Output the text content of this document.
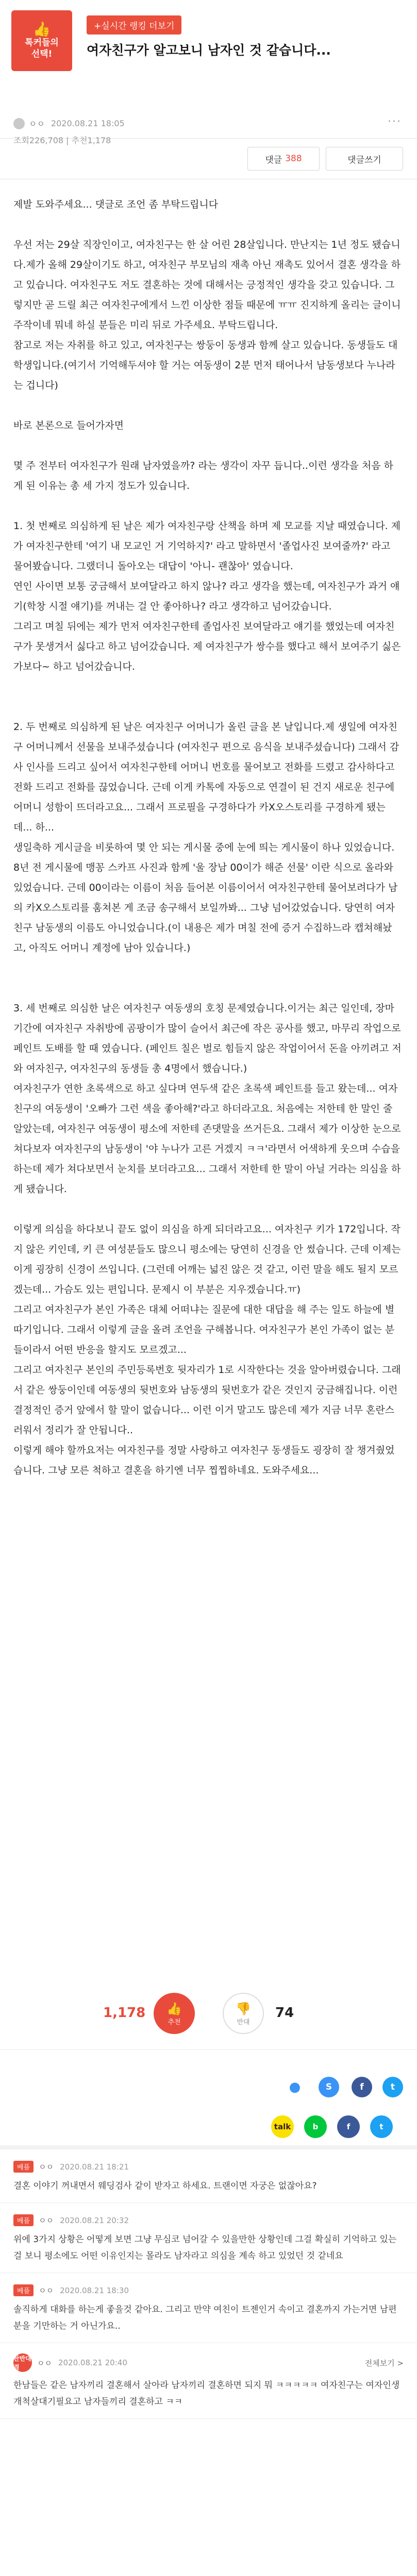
👍
톡커들의
선택!
+실시간 랭킹 더보기
여자친구가 알고보니 남자인 것 같습니다...
ㅇㅇ 2020.08.21 18:05
조회226,708 | 추천1,178
···
댓글 388	댓글쓰기

제발 도와주세요... 댓글로 조언 좀 부탁드립니다

우선 저는 29살 직장인이고, 여자친구는 한 살 어린 28살입니다. 만난지는 1년 정도 됐습니다.제가 올해 29살이기도 하고, 여자친구 부모님의 재촉 아닌 재촉도 있어서 결혼 생각을 하고 있습니다. 여자친구도 저도 결혼하는 것에 대해서는 긍정적인 생각을 갖고 있습니다. 그렇지만 곧 드릴 최근 여자친구에게서 느낀 이상한 점들 때문에 ㅠㅠ 진지하게 올리는 글이니 주작이네 뭐네 하실 분들은 미리 뒤로 가주세요. 부탁드립니다.
참고로 저는 자취를 하고 있고, 여자친구는 쌍둥이 동생과 함께 살고 있습니다. 동생들도 대학생입니다.(여기서 기억해두셔야 할 거는 여동생이 2분 먼저 태어나서 남동생보다 누나라는 겁니다)

바로 본론으로 들어가자면

몇 주 전부터 여자친구가 원래 남자였을까? 라는 생각이 자꾸 듭니다..이런 생각을 처음 하게 된 이유는 총 세 가지 정도가 있습니다.

1. 첫 번째로 의심하게 된 날은 제가 여자친구랑 산책을 하며 제 모교를 지날 때였습니다. 제가 여자친구한테 '여기 내 모교인 거 기억하지?' 라고 말하면서 '졸업사진 보여줄까?' 라고 물어봤습니다. 그랬더니 돌아오는 대답이 '아니- 괜찮아' 였습니다.
연인 사이면 보통 궁금해서 보여달라고 하지 않나? 라고 생각을 했는데, 여자친구가 과거 얘기(학창 시절 얘기)를 꺼내는 걸 안 좋아하나? 라고 생각하고 넘어갔습니다.
그리고 며칠 뒤에는 제가 먼저 여자친구한테 졸업사진 보여달라고 얘기를 했었는데 여자친구가 못생겨서 싫다고 하고 넘어갔습니다. 제 여자친구가 쌍수를 했다고 해서 보여주기 싫은가보다~ 하고 넘어갔습니다.

2. 두 번째로 의심하게 된 날은 여자친구 어머니가 올린 글을 본 날입니다.제 생일에 여자친구 어머니께서 선물을 보내주셨습니다 (여자친구 편으로 음식을 보내주셨습니다) 그래서 감사 인사를 드리고 싶어서 여자친구한테 어머니 번호를 물어보고 전화를 드렸고 감사하다고 전화 드리고 전화를 끊었습니다. 근데 이게 카톡에 자동으로 연결이 된 건지 새로운 친구에 어머니 성함이 뜨더라고요... 그래서 프로필을 구경하다가 카X오스토리를 구경하게 됐는데... 하...
생일축하 게시글을 비롯하여 몇 안 되는 게시물 중에 눈에 띄는 게시물이 하나 있었습니다. 8년 전 게시물에 맹꽁 스카프 사진과 함께 '울 장남 00이가 해준 선물' 이란 식으로 올라와 있었습니다. 근데 00이라는 이름이 처음 들어본 이름이어서 여자친구한테 물어보려다가 남의 카X오스토리를 훔쳐본 게 조금 송구해서 보일까봐... 그냥 넘어갔었습니다. 당연히 여자친구 남동생의 이름도 아니었습니다.(이 내용은 제가 며칠 전에 증거 수집하느라 캡쳐해놨고, 아직도 어머니 계정에 남아 있습니다.)

3. 세 번째로 의심한 날은 여자친구 여동생의 호칭 문제였습니다.이거는 최근 일인데, 장마 기간에 여자친구 자취방에 곰팡이가 많이 슬어서 최근에 작은 공사를 했고, 마무리 작업으로 페인트 도배를 할 때 였습니다. (페인트 칠은 벌로 힘들지 않은 작업이어서 돈을 아끼려고 저와 여자친구, 여자친구의 동생들 총 4명에서 했습니다.)
여자친구가 연한 초록색으로 하고 싶다며 연두색 같은 초록색 페인트를 들고 왔는데... 여자친구의 여동생이 '오빠가 그런 색을 좋아해?'라고 하더라고요. 처음에는 저한테 한 말인 줄 알았는데, 여자친구 여동생이 평소에 저한테 존댓말을 쓰거든요. 그래서 제가 이상한 눈으로 쳐다보자 여자친구의 남동생이 '야 누나가 고른 거겠지 ㅋㅋ'라면서 어색하게 웃으며 수습을 하는데 제가 쳐다보면서 눈치를 보더라고요... 그래서 저한테 한 말이 아닐 거라는 의심을 하게 됐습니다.

이렇게 의심을 하다보니 끝도 없이 의심을 하게 되더라고요... 여자친구 키가 172입니다. 작지 않은 키인데, 키 큰 여성분들도 많으니 평소에는 당연히 신경을 안 썼습니다. 근데 이제는 이게 굉장히 신경이 쓰입니다. (그런데 어깨는 넓진 않은 것 같고, 이런 말을 해도 될지 모르겠는데... 가슴도 있는 편입니다. 문제시 이 부분은 지우겠습니다.ㅠ)
그리고 여자친구가 본인 가족은 대체 어떠냐는 질문에 대한 대답을 해 주는 일도 하늘에 별 따기입니다. 그래서 이렇게 글을 올려 조언을 구해봅니다. 여자친구가 본인 가족이 없는 분들이라서 어떤 반응을 할지도 모르겠고...
그리고 여자친구 본인의 주민등록번호 뒷자리가 1로 시작한다는 것을 알아버렸습니다. 그래서 같은 쌍둥이인데 여동생의 뒷번호와 남동생의 뒷번호가 같은 것인지 궁금해집니다. 이런 결정적인 증거 앞에서 할 말이 없습니다... 이런 이거 말고도 많은데 제가 지금 너무 혼란스러워서 정리가 잘 안됩니다..
이렇게 해야 할까요저는 여자친구를 정말 사랑하고 여자친구 동생들도 굉장히 잘 챙겨줬었습니다. 그냥 모른 척하고 결혼을 하기엔 너무 찝찝하네요. 도와주세요...

1,178 👍
추천
👎
반대
74
●	S	f	t
talk	b	f	t
베플	ㅇㅇ 2020.08.21 18:21
결혼 이야기 꺼내면서 웨딩검사 같이 받자고 하세요. 트랜이면 자궁은 없잖아요?
베플	ㅇㅇ 2020.08.21 20:32
위에 3가지 상황은 어떻게 보면 그냥 무심코 넘어갈 수 있을만한 상황인데 그걸 확실히 기억하고 있는걸 보니 평소에도 어떤 이유인지는 몰라도 남자라고 의심을 계속 하고 있었던 것 같네요
베플	ㅇㅇ 2020.08.21 18:30
솔직하게 대화를 하는게 좋을것 같아요. 그리고 만약 여친이 트젠인거 속이고 결혼까지 가는거면 남편분을 기만하는 거 아닌가요..
찬반대결	ㅇㅇ 2020.08.21 20:40	전체보기 >
한남들은 같은 남자끼리 결혼해서 살아라 남자끼리 결혼하면 되지 뭐 ㅋㅋㅋㅋㅋ 여자친구는 여자인생개척살대기필요고 남자들끼리 결혼하고 ㅋㅋ
